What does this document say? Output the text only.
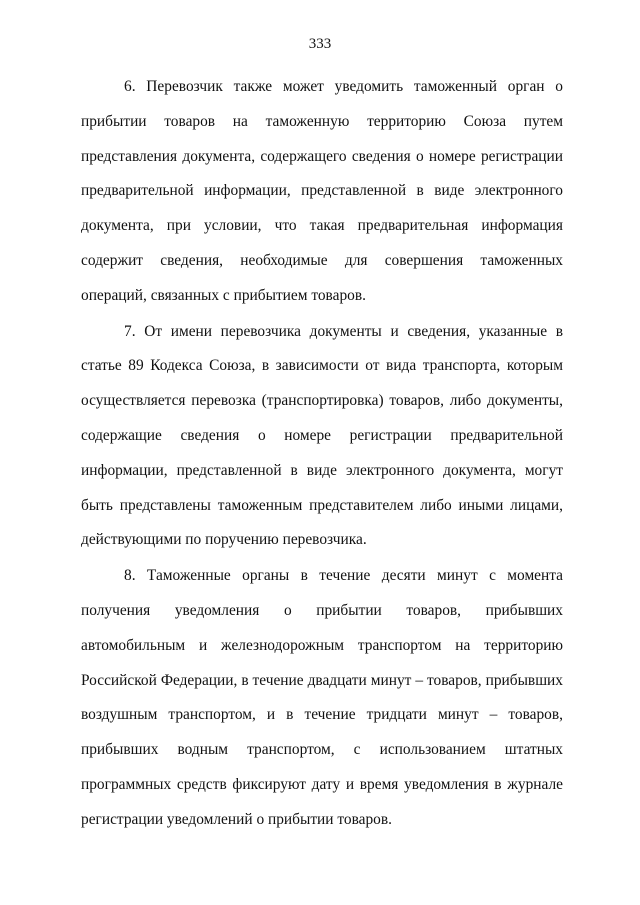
333

6. Перевозчик также может уведомить таможенный орган о прибытии товаров на таможенную территорию Союза путем представления документа, содержащего сведения о номере регистрации предварительной информации, представленной в виде электронного документа, при условии, что такая предварительная информация содержит сведения, необходимые для совершения таможенных операций, связанных с прибытием товаров.

7. От имени перевозчика документы и сведения, указанные в статье 89 Кодекса Союза, в зависимости от вида транспорта, которым осуществляется перевозка (транспортировка) товаров, либо документы, содержащие сведения о номере регистрации предварительной информации, представленной в виде электронного документа, могут быть представлены таможенным представителем либо иными лицами, действующими по поручению перевозчика.

8. Таможенные органы в течение десяти минут с момента получения уведомления о прибытии товаров, прибывших автомобильным и железнодорожным транспортом на территорию Российской Федерации, в течение двадцати минут – товаров, прибывших воздушным транспортом, и в течение тридцати минут – товаров, прибывших водным транспортом, с использованием штатных программных средств фиксируют дату и время уведомления в журнале регистрации уведомлений о прибытии товаров.
